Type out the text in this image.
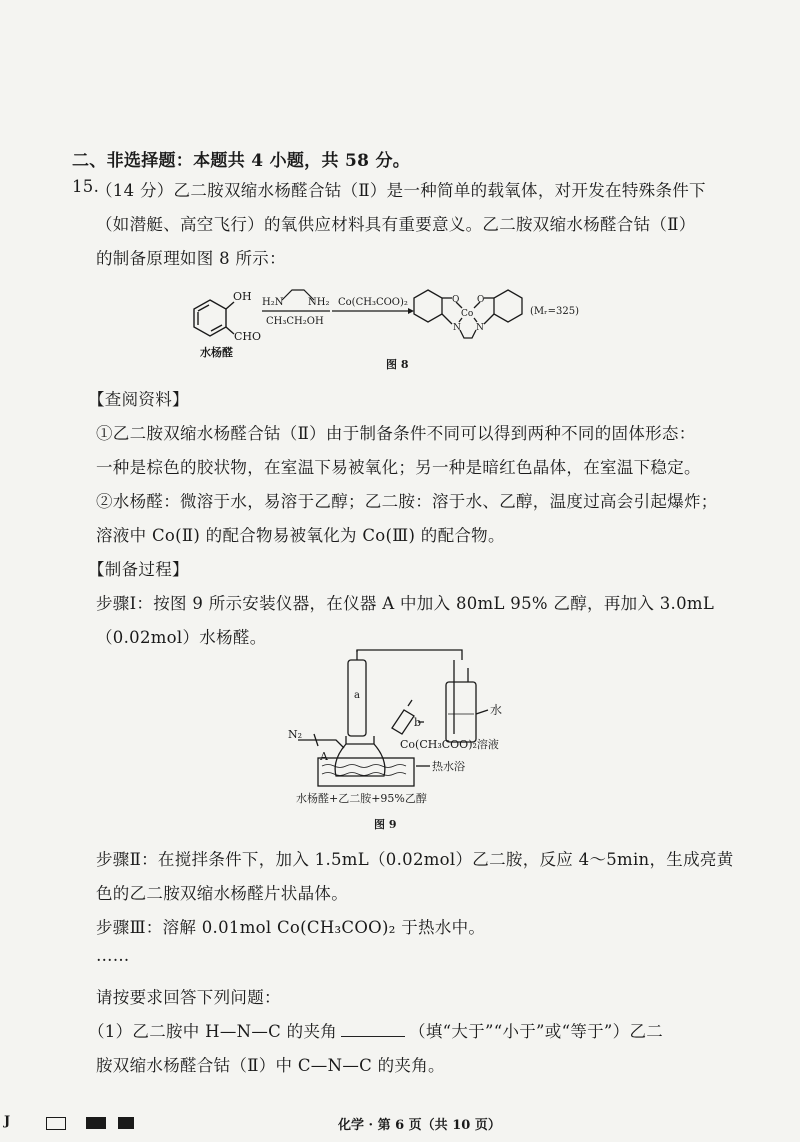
二、非选择题：本题共 4 小题，共 58 分。
15.
（14 分）乙二胺双缩水杨醛合钴（Ⅱ）是一种简单的载氧体，对开发在特殊条件下
（如潜艇、高空飞行）的氧供应材料具有重要意义。乙二胺双缩水杨醛合钴（Ⅱ）
的制备原理如图 8 所示：
OH
CHO
水杨醛
H₂N NH₂
CH₃CH₂OH
Co(CH₃COO)₂	O O
Co
N N
(Mᵣ=325)
图 8
【查阅资料】
①乙二胺双缩水杨醛合钴（Ⅱ）由于制备条件不同可以得到两种不同的固体形态：
一种是棕色的胶状物，在室温下易被氧化；另一种是暗红色晶体，在室温下稳定。
②水杨醛：微溶于水，易溶于乙醇；乙二胺：溶于水、乙醇，温度过高会引起爆炸；
溶液中 Co(Ⅱ) 的配合物易被氧化为 Co(Ⅲ) 的配合物。
【制备过程】
步骤Ⅰ：按图 9 所示安装仪器，在仪器 A 中加入 80mL 95% 乙醇，再加入 3.0mL
（0.02mol）水杨醛。
a
b
A
N₂
水
Co(CH₃COO)₂溶液
热水浴
水杨醛+乙二胺+95%乙醇
图 9
步骤Ⅱ：在搅拌条件下，加入 1.5mL（0.02mol）乙二胺，反应 4～5min，生成亮黄
色的乙二胺双缩水杨醛片状晶体。
步骤Ⅲ：溶解 0.01mol Co(CH₃COO)₂ 于热水中。
……
请按要求回答下列问题：
（1）乙二胺中 H—N—C 的夹角	（填“大于”“小于”或“等于”）乙二
胺双缩水杨醛合钴（Ⅱ）中 C—N—C 的夹角。
J	化学 · 第 6 页（共 10 页）
